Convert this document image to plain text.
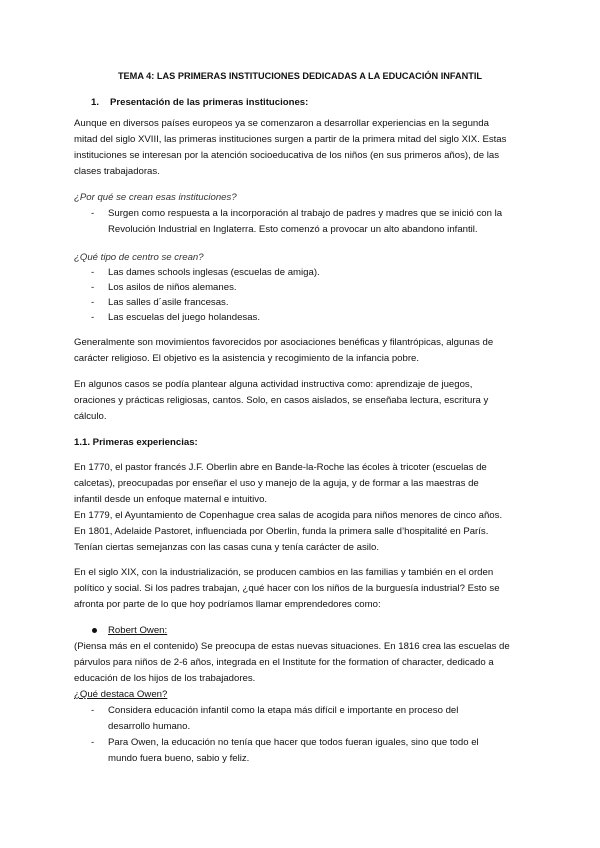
TEMA 4: LAS PRIMERAS INSTITUCIONES DEDICADAS A LA EDUCACIÓN INFANTIL
1. Presentación de las primeras instituciones:
Aunque en diversos países europeos ya se comenzaron a desarrollar experiencias en la segunda
mitad del siglo XVIII, las primeras instituciones surgen a partir de la primera mitad del siglo XIX. Estas
instituciones se interesan por la atención socioeducativa de los niños (en sus primeros años), de las
clases trabajadoras.
¿Por qué se crean esas instituciones?
- Surgen como respuesta a la incorporación al trabajo de padres y madres que se inició con la
Revolución Industrial en Inglaterra. Esto comenzó a provocar un alto abandono infantil.
¿Qué tipo de centro se crean?
- Las dames schools inglesas (escuelas de amiga).
- Los asilos de niños alemanes.
- Las salles d´asile francesas.
- Las escuelas del juego holandesas.
Generalmente son movimientos favorecidos por asociaciones benéficas y filantrópicas, algunas de
carácter religioso. El objetivo es la asistencia y recogimiento de la infancia pobre.
En algunos casos se podía plantear alguna actividad instructiva como: aprendizaje de juegos,
oraciones y prácticas religiosas, cantos. Solo, en casos aislados, se enseñaba lectura, escritura y
cálculo.
1.1. Primeras experiencias:
En 1770, el pastor francés J.F. Oberlin abre en Bande-la-Roche las écoles à tricoter (escuelas de
calcetas), preocupadas por enseñar el uso y manejo de la aguja, y de formar a las maestras de
infantil desde un enfoque maternal e intuitivo.
En 1779, el Ayuntamiento de Copenhague crea salas de acogida para niños menores de cinco años.
En 1801, Adelaide Pastoret, influenciada por Oberlin, funda la primera salle d’hospitalité en París.
Tenían ciertas semejanzas con las casas cuna y tenía carácter de asilo.
En el siglo XIX, con la industrialización, se producen cambios en las familias y también en el orden
político y social. Si los padres trabajan, ¿qué hacer con los niños de la burguesía industrial? Esto se
afronta por parte de lo que hoy podríamos llamar emprendedores como:
Robert Owen:
(Piensa más en el contenido) Se preocupa de estas nuevas situaciones. En 1816 crea las escuelas de
párvulos para niños de 2-6 años, integrada en el Institute for the formation of character, dedicado a
educación de los hijos de los trabajadores.
¿Qué destaca Owen?
- Considera educación infantil como la etapa más difícil e importante en proceso del
desarrollo humano.
- Para Owen, la educación no tenía que hacer que todos fueran iguales, sino que todo el
mundo fuera bueno, sabio y feliz.
